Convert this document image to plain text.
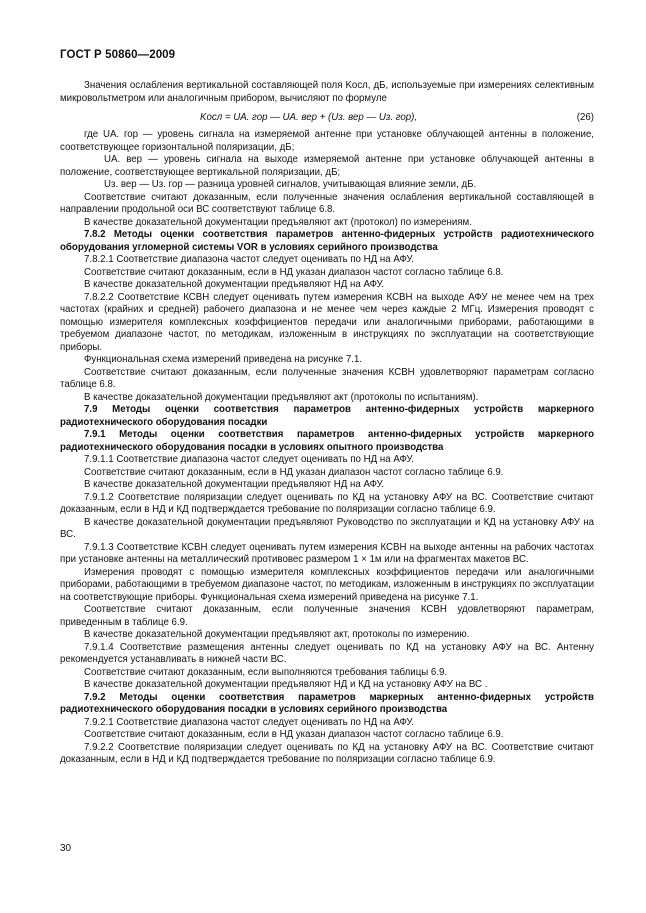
ГОСТ Р 50860—2009

Значения ослабления вертикальной составляющей поля Kосл, дБ, используемые при измерениях селективным микровольтметром или аналогичным прибором, вычисляют по формуле

Kосл = UА. гор — UА. вер + (Uз. вер — Uз. гор),	(26)

где UА. гор — уровень сигнала на измеряемой антенне при установке облучающей антенны в положение, соответствующее горизонтальной поляризации, дБ;

UА. вер — уровень сигнала на выходе измеряемой антенне при установке облучающей антенны в положение, соответствующее вертикальной поляризации, дБ;

Uз. вер — Uз. гор — разница уровней сигналов, учитывающая влияние земли, дБ.

Соответствие считают доказанным, если полученные значения ослабления вертикальной составляющей в направлении продольной оси ВС соответствуют таблице 6.8.

В качестве доказательной документации предъявляют акт (протокол) по измерениям.

7.8.2 Методы оценки соответствия параметров антенно-фидерных устройств радиотехнического оборудования угломерной системы VOR в условиях серийного производства

7.8.2.1 Соответствие диапазона частот следует оценивать по НД на АФУ.

Соответствие считают доказанным, если в НД указан диапазон частот согласно таблице 6.8.

В качестве доказательной документации предъявляют НД на АФУ.

7.8.2.2 Соответствие КСВН следует оценивать путем измерения КСВН на выходе АФУ не менее чем на трех частотах (крайних и средней) рабочего диапазона и не менее чем через каждые 2 МГц. Измерения проводят с помощью измерителя комплексных коэффициентов передачи или аналогичными приборами, работающими в требуемом диапазоне частот, по методикам, изложенным в инструкциях по эксплуатации на соответствующие приборы.

Функциональная схема измерений приведена на рисунке 7.1.

Соответствие считают доказанным, если полученные значения КСВН удовлетворяют параметрам согласно таблице 6.8.

В качестве доказательной документации предъявляют акт (протоколы по испытаниям).

7.9 Методы оценки соответствия параметров антенно-фидерных устройств маркерного радиотехнического оборудования посадки

7.9.1 Методы оценки соответствия параметров антенно-фидерных устройств маркерного радиотехнического оборудования посадки в условиях опытного производства

7.9.1.1 Соответствие диапазона частот следует оценивать по НД на АФУ.

Соответствие считают доказанным, если в НД указан диапазон частот согласно таблице 6.9.

В качестве доказательной документации предъявляют НД на АФУ.

7.9.1.2 Соответствие поляризации следует оценивать по КД на установку АФУ на ВС. Соответствие считают доказанным, если в НД и КД подтверждается требование по поляризации согласно таблице 6.9.

В качестве доказательной документации предъявляют Руководство по эксплуатации и КД на установку АФУ на ВС.

7.9.1.3 Соответствие КСВН следует оценивать путем измерения КСВН на выходе антенны на рабочих частотах при установке антенны на металлический противовес размером 1 × 1м или на фрагментах макетов ВС.

Измерения проводят с помощью измерителя комплексных коэффициентов передачи или аналогичными приборами, работающими в требуемом диапазоне частот, по методикам, изложенным в инструкциях по эксплуатации на соответствующие приборы. Функциональная схема измерений приведена на рисунке 7.1.

Соответствие считают доказанным, если полученные значения КСВН удовлетворяют параметрам, приведенным в таблице 6.9.

В качестве доказательной документации предъявляют акт, протоколы по измерению.

7.9.1.4 Соответствие размещения антенны следует оценивать по КД на установку АФУ на ВС. Антенну рекомендуется устанавливать в нижней части ВС.

Соответствие считают доказанным, если выполняются требования таблицы 6.9.

В качестве доказательной документации предъявляют НД и КД на установку АФУ на ВС .

7.9.2 Методы оценки соответствия параметров маркерных антенно-фидерных устройств радиотехнического оборудования посадки в условиях серийного производства

7.9.2.1 Соответствие диапазона частот следует оценивать по НД на АФУ.

Соответствие считают доказанным, если в НД указан диапазон частот согласно таблице 6.9.

7.9.2.2 Соответствие поляризации следует оценивать по КД на установку АФУ на ВС. Соответствие считают доказанным, если в НД и КД подтверждается требование по поляризации согласно таблице 6.9.

30
